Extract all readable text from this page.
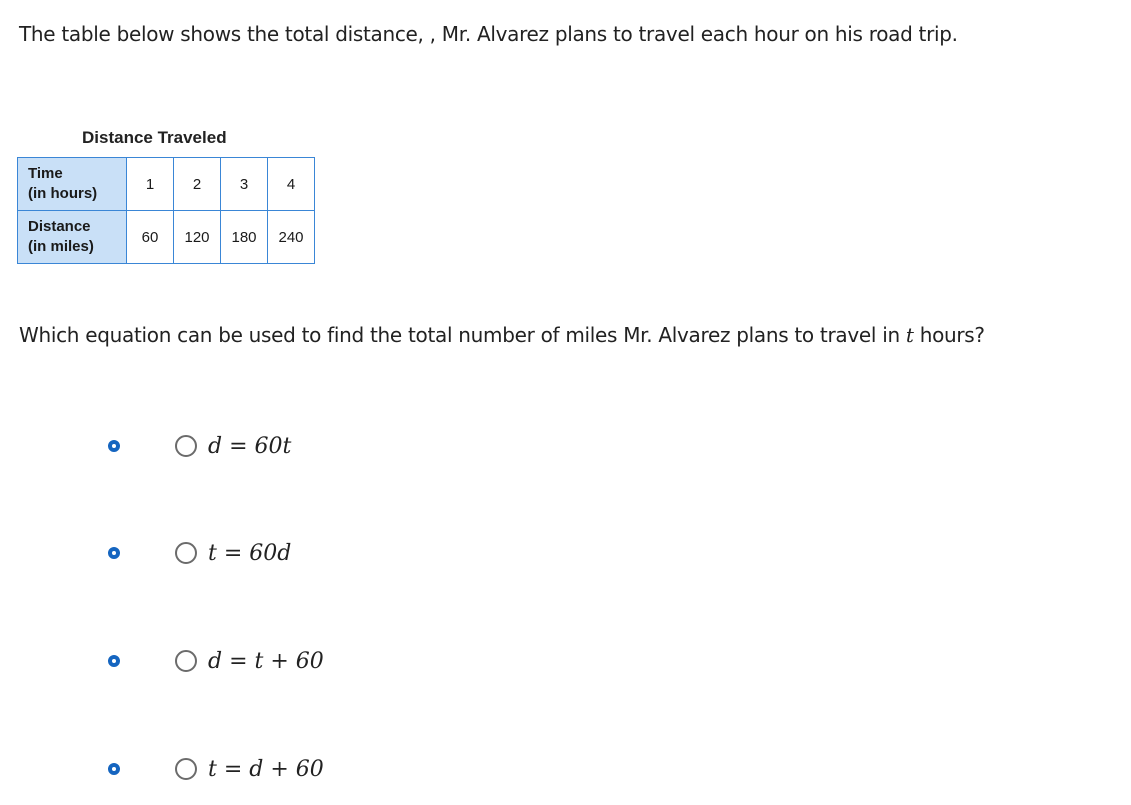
The table below shows the total distance, , Mr. Alvarez plans to travel each hour on his road trip.

Distance Traveled

Time
(in hours)	1	2	3	4
Distance
(in miles)	60	120	180	240

Which equation can be used to find the total number of miles Mr. Alvarez plans to travel in t hours?

d = 60t
t = 60d
d = t + 60
t = d + 60
